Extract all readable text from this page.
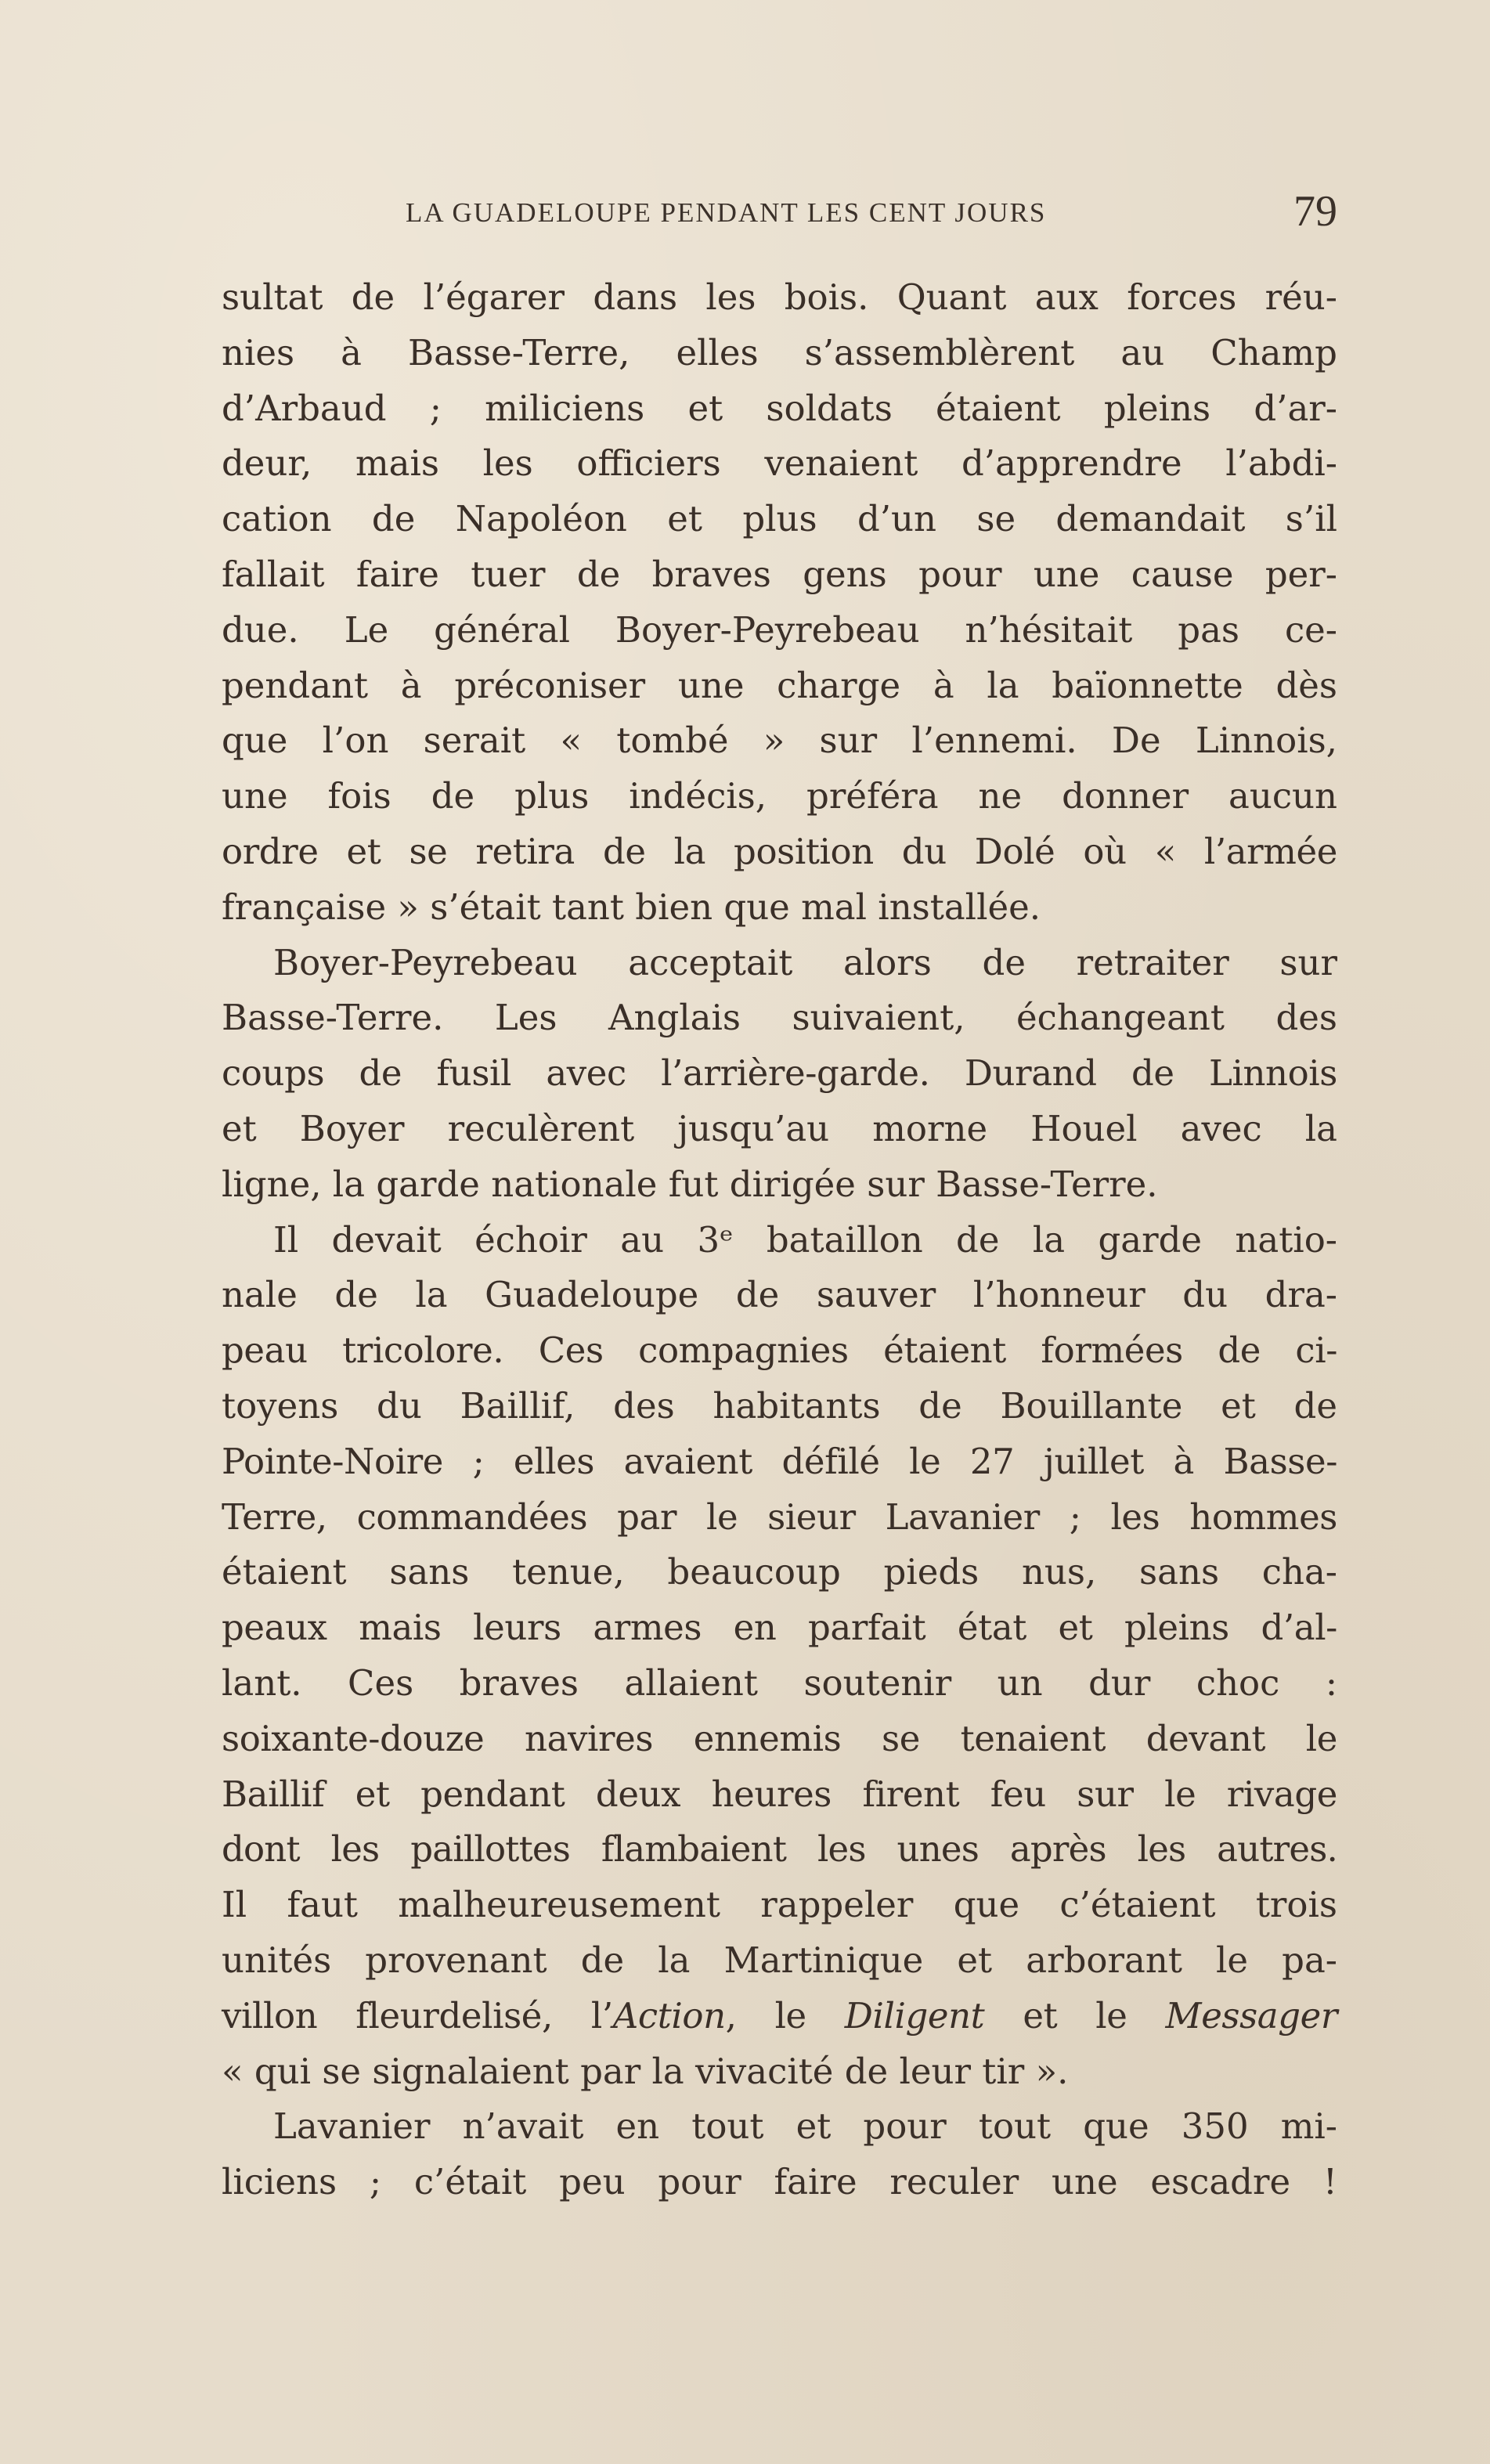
LA GUADELOUPE PENDANT LES CENT JOURS	79
sultat de l’égarer dans les bois. Quant aux forces réu-
nies à Basse-Terre, elles s’assemblèrent au Champ
d’Arbaud ; miliciens et soldats étaient pleins d’ar-
deur, mais les officiers venaient d’apprendre l’abdi-
cation de Napoléon et plus d’un se demandait s’il
fallait faire tuer de braves gens pour une cause per-
due. Le général Boyer-Peyrebeau n’hésitait pas ce-
pendant à préconiser une charge à la baïonnette dès
que l’on serait « tombé » sur l’ennemi. De Linnois,
une fois de plus indécis, préféra ne donner aucun
ordre et se retira de la position du Dolé où « l’armée
française » s’était tant bien que mal installée.
Boyer-Peyrebeau acceptait alors de retraiter sur
Basse-Terre. Les Anglais suivaient, échangeant des
coups de fusil avec l’arrière-garde. Durand de Linnois
et Boyer reculèrent jusqu’au morne Houel avec la
ligne, la garde nationale fut dirigée sur Basse-Terre.
Il devait échoir au 3ᵉ bataillon de la garde natio-
nale de la Guadeloupe de sauver l’honneur du dra-
peau tricolore. Ces compagnies étaient formées de ci-
toyens du Baillif, des habitants de Bouillante et de
Pointe-Noire ; elles avaient défilé le 27 juillet à Basse-
Terre, commandées par le sieur Lavanier ; les hommes
étaient sans tenue, beaucoup pieds nus, sans cha-
peaux mais leurs armes en parfait état et pleins d’al-
lant. Ces braves allaient soutenir un dur choc :
soixante-douze navires ennemis se tenaient devant le
Baillif et pendant deux heures firent feu sur le rivage
dont les paillottes flambaient les unes après les autres.
Il faut malheureusement rappeler que c’étaient trois
unités provenant de la Martinique et arborant le pa-
villon fleurdelisé, l’Action, le Diligent et le Messager
« qui se signalaient par la vivacité de leur tir ».
Lavanier n’avait en tout et pour tout que 350 mi-
liciens ; c’était peu pour faire reculer une escadre !
